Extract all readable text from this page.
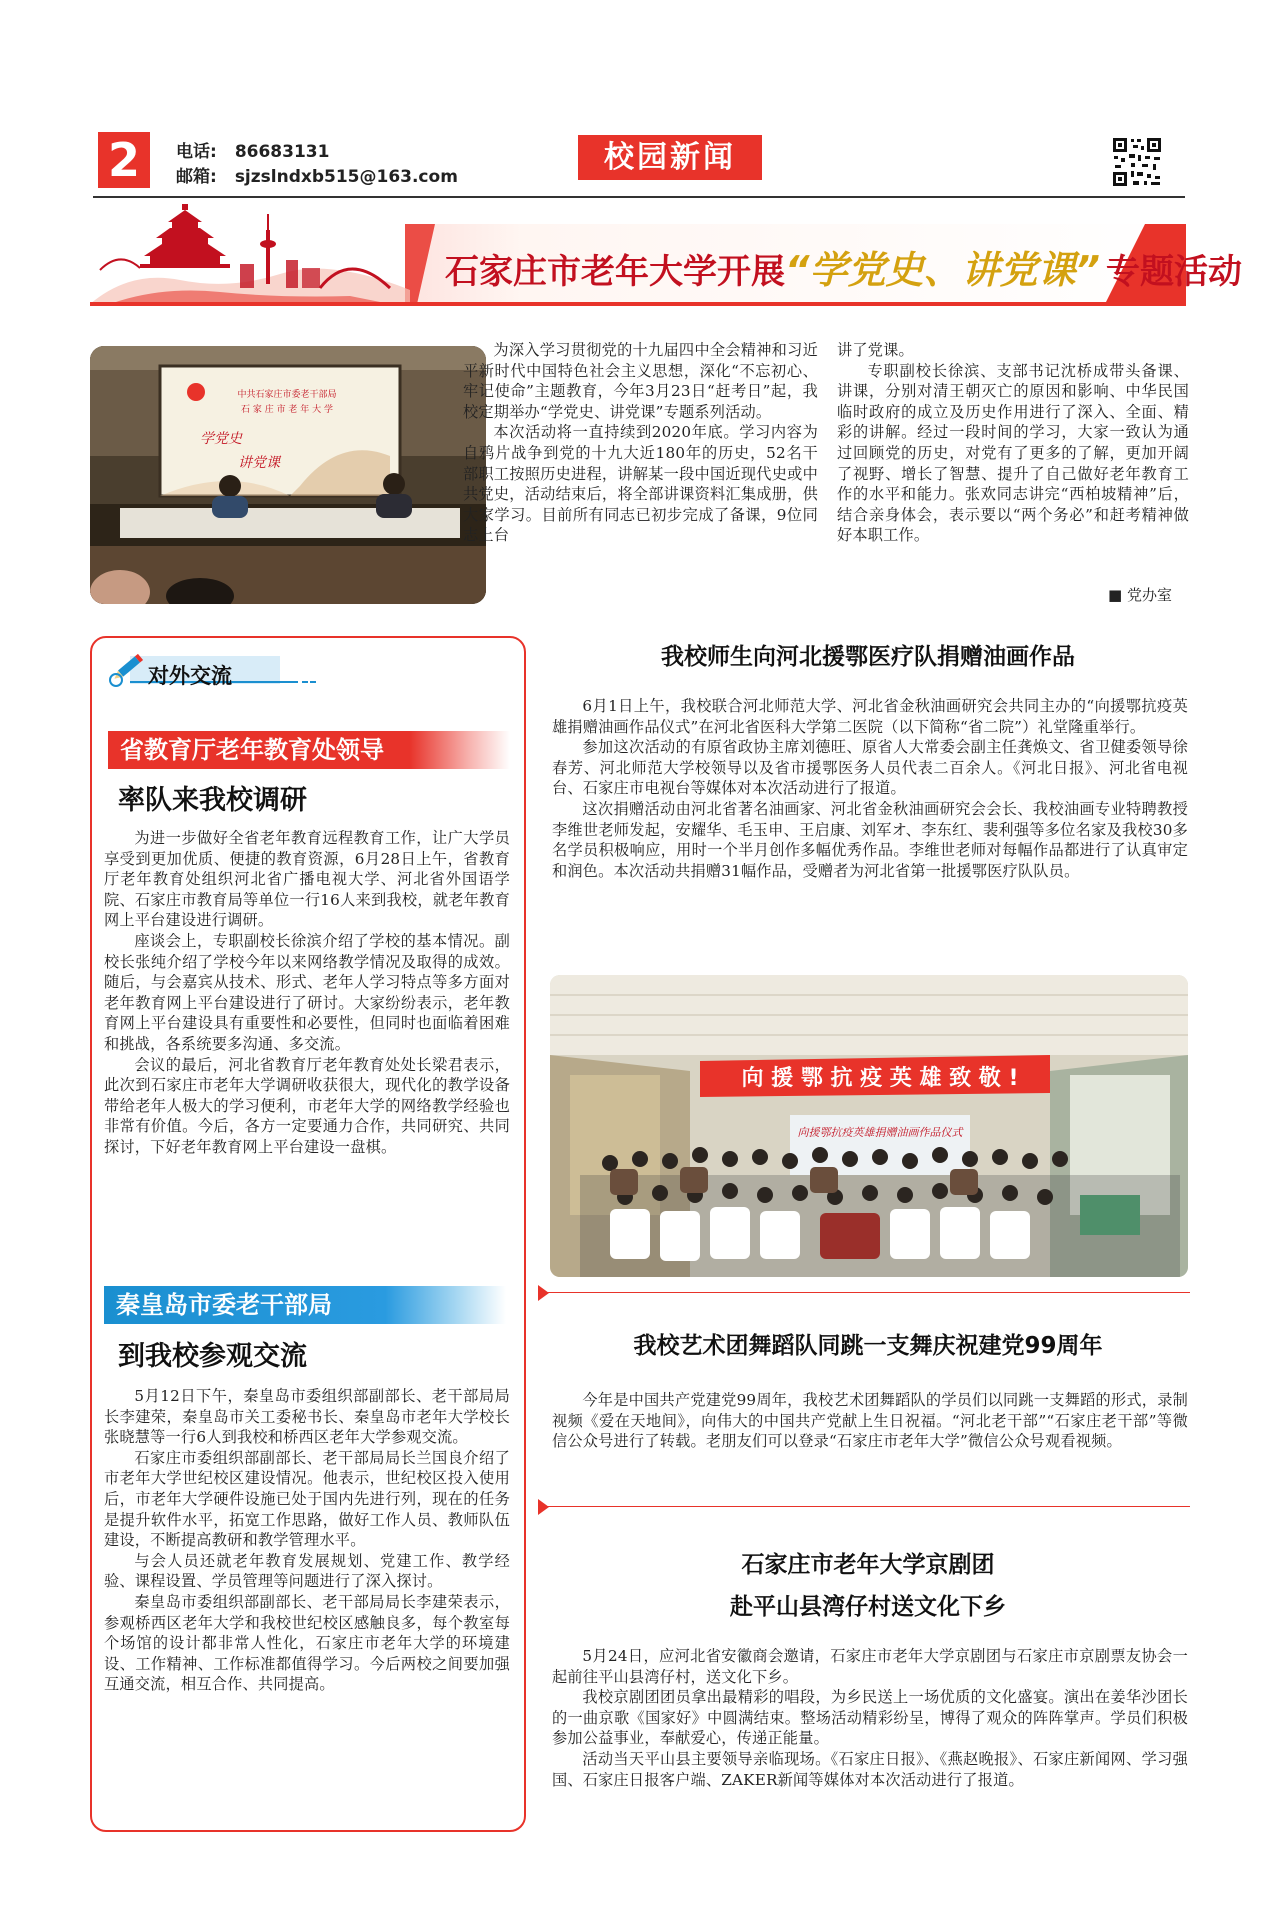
2	电话: 86683131
邮箱: sjzslndxb515@163.com
校园新闻
石家庄市老年大学开展“学党史、讲党课” 专题活动
中共石家庄市委老干部局
石 家 庄 市 老 年 大 学
学党史
讲党课

为深入学习贯彻党的十九届四中全会精神和习近平新时代中国特色社会主义思想，深化“不忘初心、牢记使命”主题教育，今年3月23日“赶考日”起，我校定期举办“学党史、讲党课”专题系列活动。

本次活动将一直持续到2020年底。学习内容为自鸦片战争到党的十九大近180年的历史，52名干部职工按照历史进程，讲解某一段中国近现代史或中共党史，活动结束后，将全部讲课资料汇集成册，供大家学习。目前所有同志已初步完成了备课，9位同志上台

讲了党课。

专职副校长徐滨、支部书记沈桥成带头备课、讲课，分别对清王朝灭亡的原因和影响、中华民国临时政府的成立及历史作用进行了深入、全面、精彩的讲解。经过一段时间的学习，大家一致认为通过回顾党的历史，对党有了更多的了解，更加开阔了视野、增长了智慧、提升了自己做好老年教育工作的水平和能力。张欢同志讲完“西柏坡精神”后，结合亲身体会，表示要以“两个务必”和赶考精神做好本职工作。

■ 党办室
对外交流
省教育厅老年教育处领导
率队来我校调研

为进一步做好全省老年教育远程教育工作，让广大学员享受到更加优质、便捷的教育资源，6月28日上午，省教育厅老年教育处组织河北省广播电视大学、河北省外国语学院、石家庄市教育局等单位一行16人来到我校，就老年教育网上平台建设进行调研。

座谈会上，专职副校长徐滨介绍了学校的基本情况。副校长张纯介绍了学校今年以来网络教学情况及取得的成效。随后，与会嘉宾从技术、形式、老年人学习特点等多方面对老年教育网上平台建设进行了研讨。大家纷纷表示，老年教育网上平台建设具有重要性和必要性，但同时也面临着困难和挑战，各系统要多沟通、多交流。

会议的最后，河北省教育厅老年教育处处长梁君表示，此次到石家庄市老年大学调研收获很大，现代化的教学设备带给老年人极大的学习便利，市老年大学的网络教学经验也非常有价值。今后，各方一定要通力合作，共同研究、共同探讨，下好老年教育网上平台建设一盘棋。

秦皇岛市委老干部局
到我校参观交流

5月12日下午，秦皇岛市委组织部副部长、老干部局局长李建荣，秦皇岛市关工委秘书长、秦皇岛市老年大学校长张晓慧等一行6人到我校和桥西区老年大学参观交流。

石家庄市委组织部副部长、老干部局局长兰国良介绍了市老年大学世纪校区建设情况。他表示，世纪校区投入使用后，市老年大学硬件设施已处于国内先进行列，现在的任务是提升软件水平，拓宽工作思路，做好工作人员、教师队伍建设，不断提高教研和教学管理水平。

与会人员还就老年教育发展规划、党建工作、教学经验、课程设置、学员管理等问题进行了深入探讨。

秦皇岛市委组织部副部长、老干部局局长李建荣表示，参观桥西区老年大学和我校世纪校区感触良多，每个教室每个场馆的设计都非常人性化，石家庄市老年大学的环境建设、工作精神、工作标准都值得学习。今后两校之间要加强互通交流，相互合作、共同提高。

我校师生向河北援鄂医疗队捐赠油画作品

6月1日上午，我校联合河北师范大学、河北省金秋油画研究会共同主办的“向援鄂抗疫英雄捐赠油画作品仪式”在河北省医科大学第二医院（以下简称“省二院”）礼堂隆重举行。

参加这次活动的有原省政协主席刘德旺、原省人大常委会副主任龚焕文、省卫健委领导徐春芳、河北师范大学校领导以及省市援鄂医务人员代表二百余人。《河北日报》、河北省电视台、石家庄市电视台等媒体对本次活动进行了报道。

这次捐赠活动由河北省著名油画家、河北省金秋油画研究会会长、我校油画专业特聘教授李维世老师发起，安耀华、毛玉申、王启康、刘军オ、李东红、裴利强等多位名家及我校30多名学员积极响应，用时一个半月创作多幅优秀作品。李维世老师对每幅作品都进行了认真审定和润色。本次活动共捐赠31幅作品，受赠者为河北省第一批援鄂医疗队队员。

向 援 鄂 抗 疫 英 雄 致 敬 !
向援鄂抗疫英雄捐赠油画作品仪式
我校艺术团舞蹈队同跳一支舞庆祝建党99周年

今年是中国共产党建党99周年，我校艺术团舞蹈队的学员们以同跳一支舞蹈的形式，录制视频《爱在天地间》，向伟大的中国共产党献上生日祝福。“河北老干部”“石家庄老干部”等微信公众号进行了转载。老朋友们可以登录“石家庄市老年大学”微信公众号观看视频。

石家庄市老年大学京剧团
赴平山县湾仔村送文化下乡

5月24日，应河北省安徽商会邀请，石家庄市老年大学京剧团与石家庄市京剧票友协会一起前往平山县湾仔村，送文化下乡。

我校京剧团团员拿出最精彩的唱段，为乡民送上一场优质的文化盛宴。演出在姜华沙团长的一曲京歌《国家好》中圆满结束。整场活动精彩纷呈，博得了观众的阵阵掌声。学员们积极参加公益事业，奉献爱心，传递正能量。

活动当天平山县主要领导亲临现场。《石家庄日报》、《燕赵晚报》、石家庄新闻网、学习强国、石家庄日报客户端、ZAKER新闻等媒体对本次活动进行了报道。
